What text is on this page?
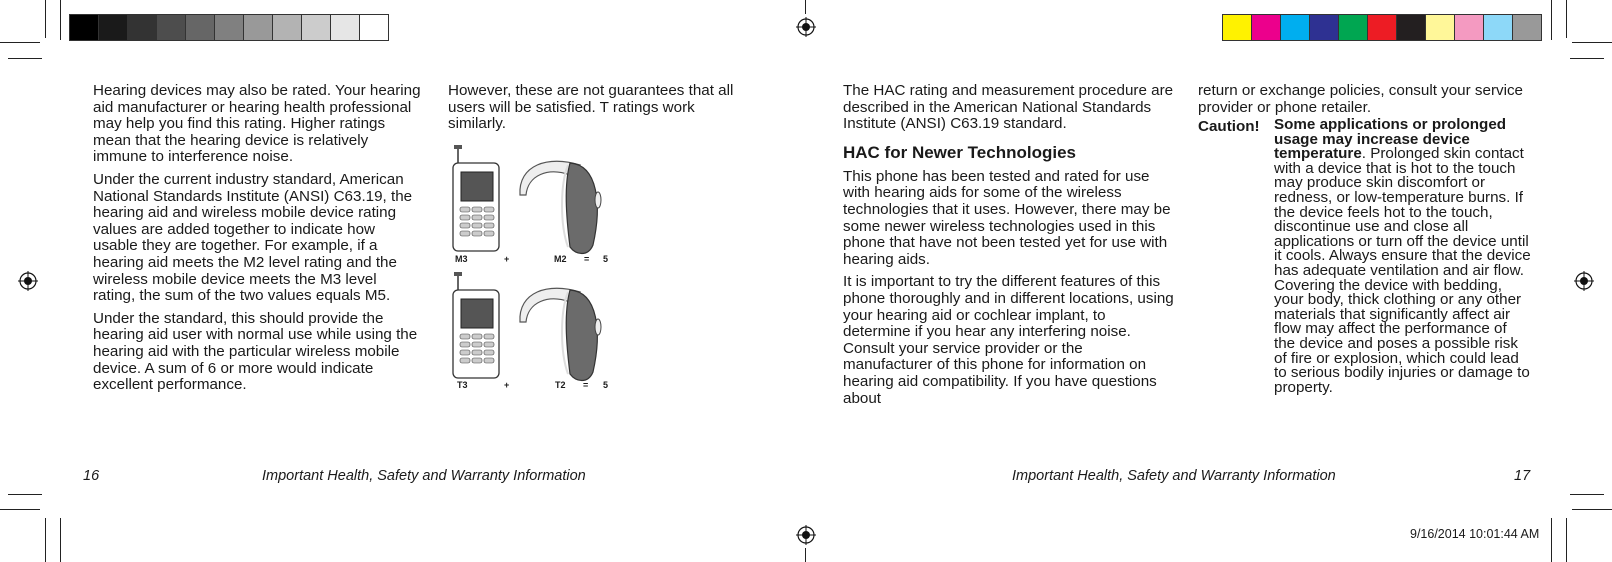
9/16/2014 10:01:44 AM

Hearing devices may also be rated. Your hearing aid manufacturer or hearing health professional may help you find this rating. Higher ratings mean that the hearing device is relatively immune to interference noise.

Under the current industry standard, American National Standards Institute (ANSI) C63.19, the hearing aid and wireless mobile device rating values are added together to indicate how usable they are together. For example, if a hearing aid meets the M2 level rating and the wireless mobile device meets the M3 level rating, the sum of the two values equals M5.

Under the standard, this should provide the hearing aid user with normal use while using the hearing aid with the particular wireless mobile device. A sum of 6 or more would indicate excellent performance.

However, these are not guarantees that all users will be satisfied. T ratings work similarly.

M3	+	M2 = 5
T3	+	T2 = 5
16	Important Health, Safety and Warranty Information

The HAC rating and measurement procedure are described in the American National Standards Institute (ANSI) C63.19 standard.

HAC for Newer Technologies

This phone has been tested and rated for use with hearing aids for some of the wireless technologies that it uses. However, there may be some newer wireless technologies used in this phone that have not been tested yet for use with hearing aids.

It is important to try the different features of this phone thoroughly and in different locations, using your hearing aid or cochlear implant, to determine if you hear any interfering noise. Consult your service provider or the manufacturer of this phone for information on hearing aid compatibility. If you have questions about

return or exchange policies, consult your service provider or phone retailer.

Caution! Some applications or prolonged usage may increase device temperature. Prolonged skin contact with a device that is hot to the touch may produce skin discomfort or redness, or low-temperature burns. If the device feels hot to the touch, discontinue use and close all applications or turn off the device until it cools. Always ensure that the device has adequate ventilation and air flow. Covering the device with bedding, your body, thick clothing or any other materials that significantly affect air flow may affect the performance of the device and poses a possible risk of fire or explosion, which could lead to serious bodily injuries or damage to property.
Important Health, Safety and Warranty Information	17
